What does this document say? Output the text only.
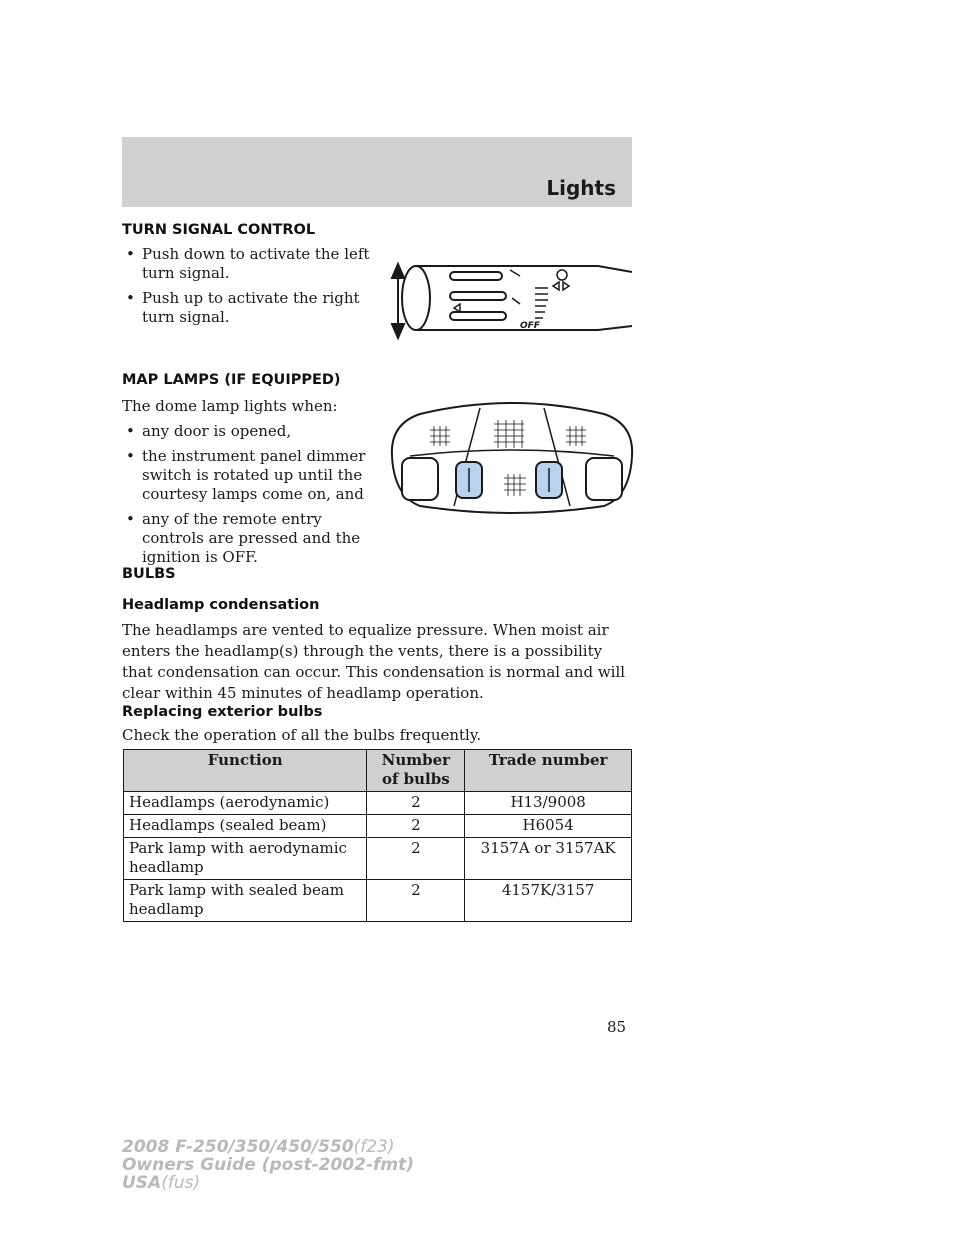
Lights
TURN SIGNAL CONTROL
• Push down to activate the left turn signal.
• Push up to activate the right turn signal.	OFF
MAP LAMPS (IF EQUIPPED)

The dome lamp lights when:

• any door is opened,
• the instrument panel dimmer switch is rotated up until the courtesy lamps come on, and
• any of the remote entry controls are pressed and the ignition is OFF.
BULBS
Headlamp condensation

The headlamps are vented to equalize pressure. When moist air enters the headlamp(s) through the vents, there is a possibility that condensation can occur. This condensation is normal and will clear within 45 minutes of headlamp operation.

Replacing exterior bulbs

Check the operation of all the bulbs frequently.

Function	Number of bulbs	Trade number
Headlamps (aerodynamic)	2	H13/9008
Headlamps (sealed beam)	2	H6054
Park lamp with aerodynamic headlamp	2	3157A or 3157AK
Park lamp with sealed beam headlamp	2	4157K/3157
85
2008 F-250/350/450/550(f23)
Owners Guide (post-2002-fmt)
USA(fus)
